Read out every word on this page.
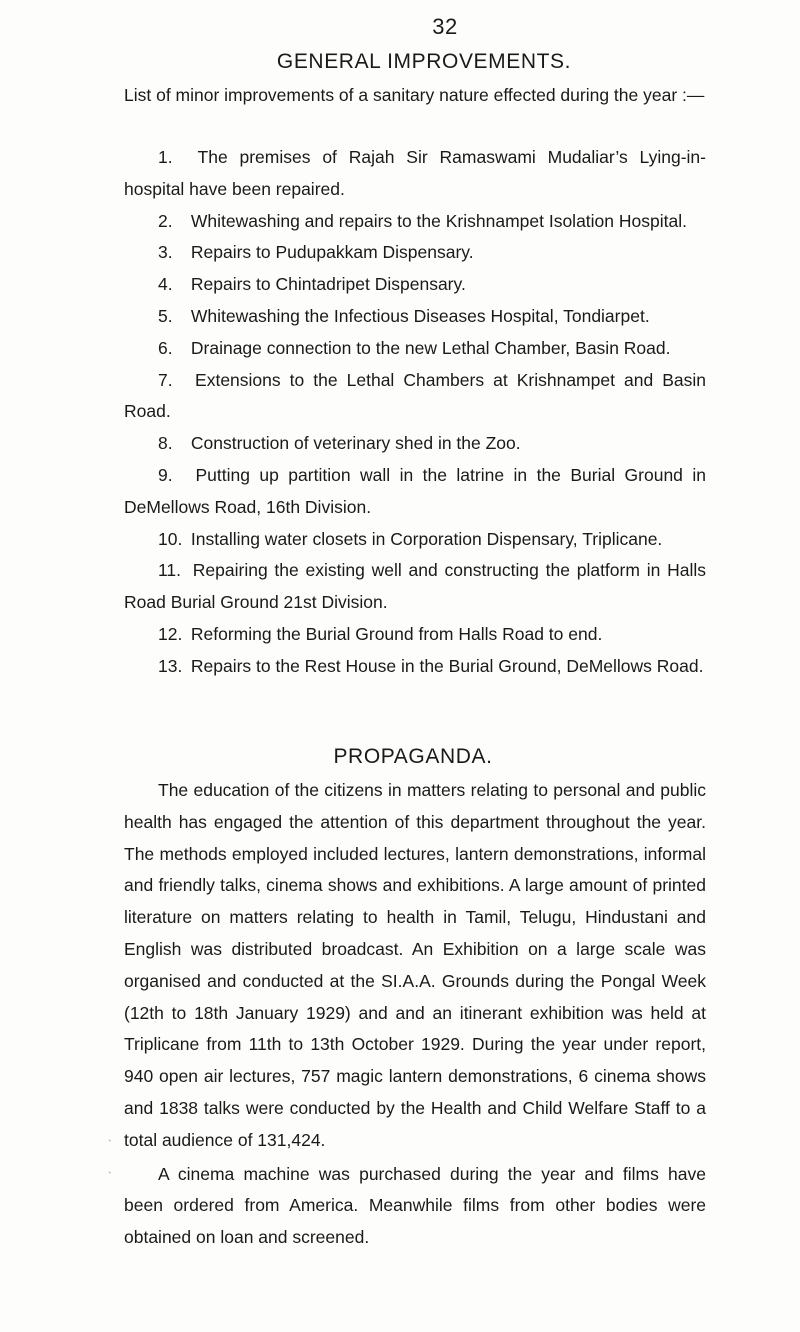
32
GENERAL IMPROVEMENTS.

List of minor improvements of a sanitary nature effected during the year :—

1. The premises of Rajah Sir Ramaswami Mudaliar’s Lying-in-hospital have been repaired.
2. Whitewashing and repairs to the Krishnampet Isolation Hospital.
3. Repairs to Pudupakkam Dispensary.
4. Repairs to Chintadripet Dispensary.
5. Whitewashing the Infectious Diseases Hospital, Tondiarpet.
6. Drainage connection to the new Lethal Chamber, Basin Road.
7. Extensions to the Lethal Chambers at Krishnampet and Basin Road.
8. Construction of veterinary shed in the Zoo.
9. Putting up partition wall in the latrine in the Burial Ground in DeMellows Road, 16th Division.
10. Installing water closets in Corporation Dispensary, Triplicane.
11. Repairing the existing well and constructing the platform in Halls Road Burial Ground 21st Division.
12. Reforming the Burial Ground from Halls Road to end.
13. Repairs to the Rest House in the Burial Ground, DeMellows Road.
PROPAGANDA.

The education of the citizens in matters relating to personal and public health has engaged the attention of this department throughout the year. The methods employed included lectures, lantern demonstrations, informal and friendly talks, cinema shows and exhibitions. A large amount of printed literature on matters relating to health in Tamil, Telugu, Hindustani and English was distributed broadcast. An Exhibition on a large scale was organised and conducted at the SI.A.A. Grounds during the Pongal Week (12th to 18th January 1929) and and an itinerant exhibition was held at Triplicane from 11th to 13th October 1929. During the year under report, 940 open air lectures, 757 magic lantern demonstrations, 6 cinema shows and 1838 talks were conducted by the Health and Child Welfare Staff to a total audience of 131,424.

A cinema machine was purchased during the year and films have been ordered from America. Meanwhile films from other bodies were obtained on loan and screened.

˴
˴
